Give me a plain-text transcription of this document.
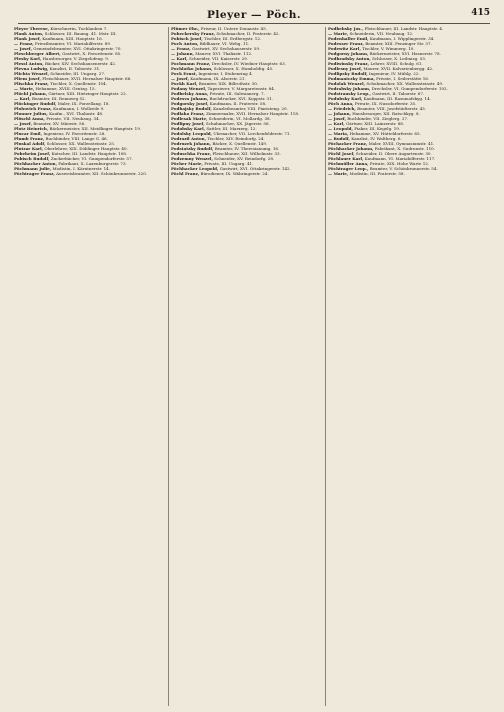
Pleyer — Pöch.	415

Pleyer Therese, Kürschnerin, Tuchlauben 7.

Plank Anton, Schlosser, III. Baumg. 41. Mstr. III.

Plank Josef, Kaufmann, XIII. Hauptstr. 16.

— Franz, Privatbeamter, VI. Mariahilferstr. 89.

— Josef, Gemeindebeamter, XVI. Ottakringerstr. 70.

Pleschberger Albert, Gastwirt, X. Favoritenstr. 85.

Plesky Karl, Hausbesorger, V. Ziegelofeng. 9.

Plessl Anton, Bäcker, XIV. Sechshausenerstr. 42.

Plevna Ludwig, Kanzlist, II. Taborstr. 31.

Plichta Wenzel, Schneider, III. Ungarg. 27.

Pliem Josef, Fleischhauer, XVII. Hernalser Hauptstr. 66.

Plischka Franz, Tischler, X. Quellenstr. 104.

— Marie, Hebamme, XVIII. Gentzg. 15.

Plöchl Johann, Gärtner, XIII. Hietzinger Hauptstr. 22.

— Karl, Beamter, III. Rennweg 52.

Plöckinger Rudolf, Maler, IX. Porzellang. 18.

Plohovich Franz, Kaufmann, I. Wollzeile 9.

Plonner Julius, Kaufm., XVI. Thaliastr. 48.

Plöschl Anna, Private, VII. Neubaug. 34.

— Josef, Beamter, XV. Märzstr. 56.

Plotz Heinrich, Bäckermeister, XII. Meidlinger Hauptstr. 19.

Plucar Emil, Ingenieur, IV. Favoritenstr. 28.

Plumb Franz, Buchbinder, VIII. Lange G. 46.

Pluskal Adolf, Schlosser, XX. Wallensteinstr. 25.

Plutzar Karl, Oberlehrer, XIX. Döblinger Hauptstr. 40.

Pobeheim Josef, Kutscher, III. Landstr. Hauptstr. 108.

Pobisch Rudolf, Zuckerbäcker, VI. Gumpendorferstr. 57.

Pöchhacker Anton, Fabrikant, X. Laxenburgerstr. 73.

Pöchmann Julie, Modistin, I. Kärntnerstr. 14.

Pöchtrager Franz, Ausweisbeamter, XII. Schönbrunnerstr. 220.

Plümer Ehr., Friseur, II. Untere Donaustr. 45.

Pobeckersky Franz, Schuhmacher, II. Praterstr. 42.

Pobisch Josef, Tischler, III. Erdbergstr. 12.

Poch Anton, Bildhauer, VI. Webg. 11.

— Franz, Gastwirt, XV. Sechshauserstr. 59.

— Johann, Maurer, XVI. Thaliastr. 112.

— Karl, Schneider, VII. Kaiserstr. 29.

Pochmann Franz, Drechsler, IV. Wiedner Hauptstr. 63.

Pochlatko Johann, Schlosser, X. Humboldtg. 45.

Pock Ernst, Ingenieur, I. Stubenring 4.

— Josef, Kaufmann, IX. Alserstr. 21.

Pockh Karl, Beamter, XIX. Billrothstr. 30.

Podany Wenzel, Tapezierer, V. Margaretenstr. 84.

Podbelsky Anna, Private, III. Salesianerg. 7.

Podesva Johann, Buchdrucker, XVI. Koppstr. 31.

Podgorsky Josef, Kaufmann, II. Praterstr. 58.

Podhajsky Rudolf, Kanzleibeamter, VIII. Piaristeng. 20.

Podlaha Franz, Zimmermaler, XVII. Hernalser Hauptstr. 118.

Podlesak Marie, Schneiderin, VI. Mollardg. 38.

Podlipny Josef, Schuhmacher, XX. Jägerstr. 56.

Podobsky Karl, Sattler, III. Marxerg. 12.

Podolsky Leopold, Uhrmacher, VII. Lerchenfelderstr. 71.

Podrazil Anton, Tischler, XIV. Reindorfg. 24.

Podruzek Johann, Bäcker, X. Quellenstr. 149.

Podstatzky Rudolf, Beamter, IV. Theresianumg. 16.

Poduschka Franz, Fleischhauer, XII. Wilhelmstr. 33.

Podzemny Wenzel, Schneider, XV. Reindorfg. 28.

Pöcher Marie, Private, III. Ungarg. 41.

Pöchhacker Leopold, Gastwirt, XVI. Ottakringerstr. 142.

Pöchl Franz, Bürodiener, IX. Währingerstr. 24.

Podbebsky Jos., Fleischhauer, III. Landstr. Hauptstr. 4.

— Marie, Schneiderin, VII. Neubaug. 12.

Podenhaller Emil, Kaufmann, I. Wipplingerstr. 34.

Podesser Franz, Beamter, XIII. Penzinger Str. 37.

Podewitz Karl, Tischler, V. Wimmerg. 10.

Podgorny Johann, Bäckermeister, XVI. Hasnerstr. 78.

Podhradsky Anton, Schlosser, X. Leibnizg. 55.

Podiwinsky Franz, Lehrer, XVIII. Schulg. 61.

Podlesny Josef, Maurer, XVII. Kalvarienbergg. 42.

Podlipsky Rudolf, Ingenieur, IV. Mühlg. 22.

Podmaniczky Emma, Private, I. Seilerstätte 16.

Podolak Wenzel, Schuhmacher, XX. Wallensteinstr. 49.

Podrabsky Johann, Drechsler, VI. Gumpendorferstr. 102.

Podstransky Leop., Gastwirt, II. Taborstr. 67.

Podubsky Karl, Kaufmann, III. Rasumofskyg. 14.

Pöch Anna, Private, IX. Nussdorferstr. 35.

— Friedrich, Beamter, VIII. Josefstädterstr. 43.

— Johann, Hausbesorger, XII. Ratschkyg. 8.

— Josef, Buchbinder, VII. Zieglerg. 27.

— Karl, Gärtner, XIII. Lainzerstr. 88.

— Leopold, Fiaker, III. Kegelg. 19.

— Maria, Hebamme, XV. Hütteldorferstr. 65.

— Rudolf, Kanzlist, IV. Waltherg. 6.

Pöchacker Franz, Maler, XVIII. Gymnasiumstr. 41.

Pöchhacker Johann, Fabrikant, X. Gudrunstr. 110.

Pöchl Josef, Schneider, II. Obere Augartenstr. 30.

Pöchlauer Karl, Kaufmann, VI. Mariahilferstr. 117.

Pöchmüller Anna, Private, XIX. Hohe Warte 12.

Pöchtrager Leop., Beamter, V. Schönbrunnerstr. 54.

— Marie, Modistin, III. Praterstr. 58.
